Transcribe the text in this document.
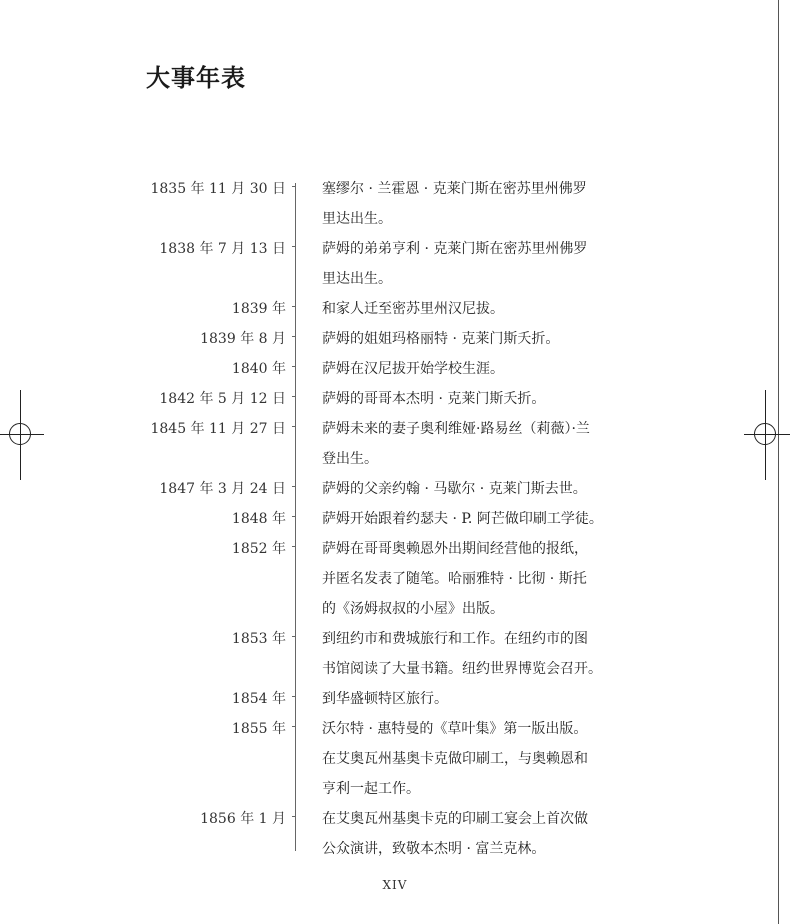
大事年表
1835 年 11 月 30 日	塞缪尔 · 兰霍恩 · 克莱门斯在密苏里州佛罗
里达出生。
1838 年 7 月 13 日	萨姆的弟弟亨利 · 克莱门斯在密苏里州佛罗
里达出生。
1839 年	和家人迁至密苏里州汉尼拔。
1839 年 8 月	萨姆的姐姐玛格丽特 · 克莱门斯夭折。
1840 年	萨姆在汉尼拔开始学校生涯。
1842 年 5 月 12 日	萨姆的哥哥本杰明 · 克莱门斯夭折。
1845 年 11 月 27 日	萨姆未来的妻子奥利维娅·路易丝（莉薇）·兰
登出生。
1847 年 3 月 24 日	萨姆的父亲约翰 · 马歇尔 · 克莱门斯去世。
1848 年	萨姆开始跟着约瑟夫 · P. 阿芒做印刷工学徒。
1852 年	萨姆在哥哥奥赖恩外出期间经营他的报纸，
并匿名发表了随笔。哈丽雅特 · 比彻 · 斯托
的《汤姆叔叔的小屋》出版。
1853 年	到纽约市和费城旅行和工作。在纽约市的图
书馆阅读了大量书籍。纽约世界博览会召开。
1854 年	到华盛顿特区旅行。
1855 年	沃尔特 · 惠特曼的《草叶集》第一版出版。
在艾奥瓦州基奥卡克做印刷工，与奥赖恩和
亨利一起工作。
1856 年 1 月	在艾奥瓦州基奥卡克的印刷工宴会上首次做
公众演讲，致敬本杰明 · 富兰克林。
XIV
